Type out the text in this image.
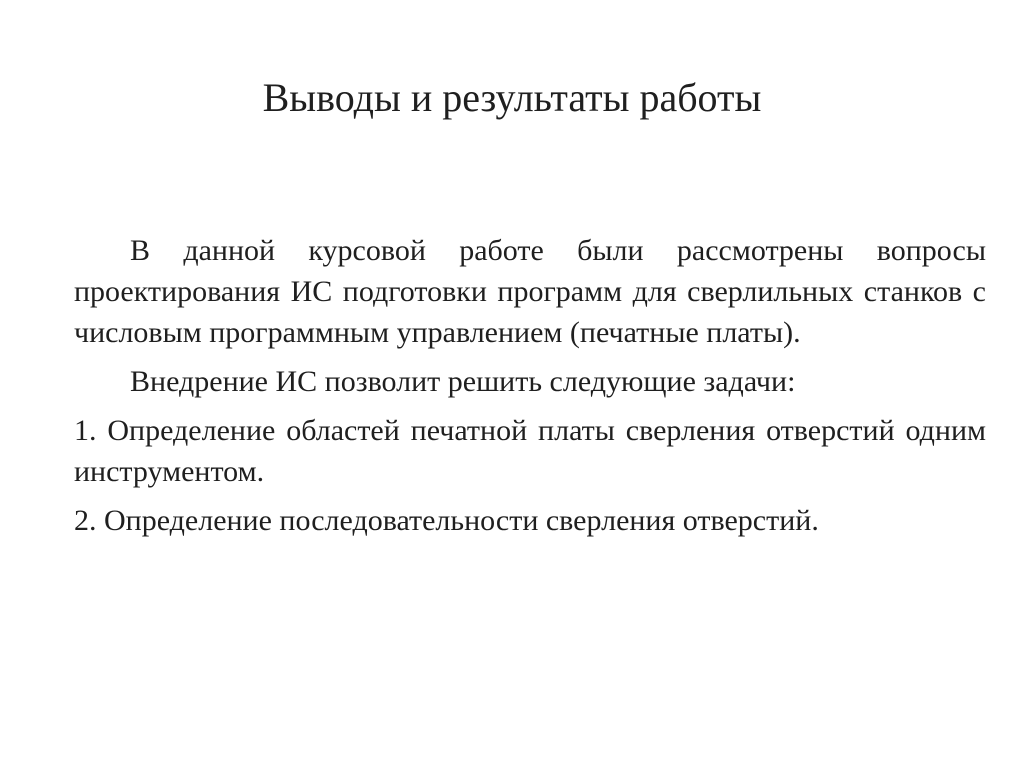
Выводы и результаты работы

В данной курсовой работе были рассмотрены вопросы проектирования ИС подготовки программ для сверлильных станков с числовым программным управлением (печатные платы).

Внедрение ИС позволит решить следующие задачи:

1. Определение областей печатной платы сверления отверстий одним инструментом.

2. Определение последовательности сверления отверстий.
